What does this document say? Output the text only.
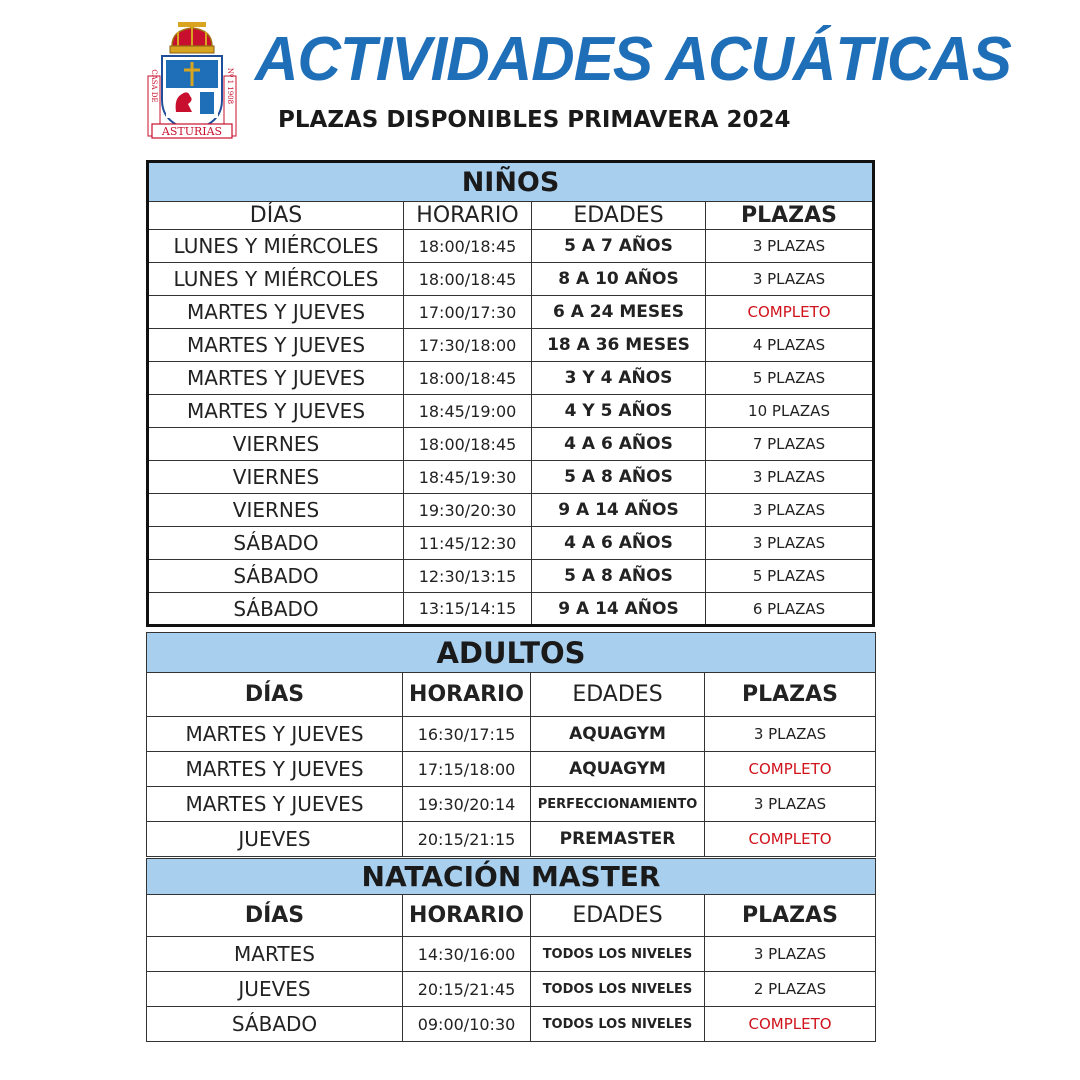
CASA DE	Nº 1 1908
ASTURIAS
ACTIVIDADES ACUÁTICAS
PLAZAS DISPONIBLES PRIMAVERA 2024
NIÑOS			
DÍAS	HORARIO	EDADES	PLAZAS
LUNES Y MIÉRCOLES	18:00/18:45	5 A 7 AÑOS	3 PLAZAS
LUNES Y MIÉRCOLES	18:00/18:45	8 A 10 AÑOS	3 PLAZAS
MARTES Y JUEVES	17:00/17:30	6 A 24 MESES	COMPLETO
MARTES Y JUEVES	17:30/18:00	18 A 36 MESES	4 PLAZAS
MARTES Y JUEVES	18:00/18:45	3 Y 4 AÑOS	5 PLAZAS
MARTES Y JUEVES	18:45/19:00	4 Y 5 AÑOS	10 PLAZAS
VIERNES	18:00/18:45	4 A 6 AÑOS	7 PLAZAS
VIERNES	18:45/19:30	5 A 8 AÑOS	3 PLAZAS
VIERNES	19:30/20:30	9 A 14 AÑOS	3 PLAZAS
SÁBADO	11:45/12:30	4 A 6 AÑOS	3 PLAZAS
SÁBADO	12:30/13:15	5 A 8 AÑOS	5 PLAZAS
SÁBADO	13:15/14:15	9 A 14 AÑOS	6 PLAZAS
ADULTOS			
DÍAS	HORARIO	EDADES	PLAZAS
MARTES Y JUEVES	16:30/17:15	AQUAGYM	3 PLAZAS
MARTES Y JUEVES	17:15/18:00	AQUAGYM	COMPLETO
MARTES Y JUEVES	19:30/20:14	PERFECCIONAMIENTO	3 PLAZAS
JUEVES	20:15/21:15	PREMASTER	COMPLETO
NATACIÓN MASTER			
DÍAS	HORARIO	EDADES	PLAZAS
MARTES	14:30/16:00	TODOS LOS NIVELES	3 PLAZAS
JUEVES	20:15/21:45	TODOS LOS NIVELES	2 PLAZAS
SÁBADO	09:00/10:30	TODOS LOS NIVELES	COMPLETO
